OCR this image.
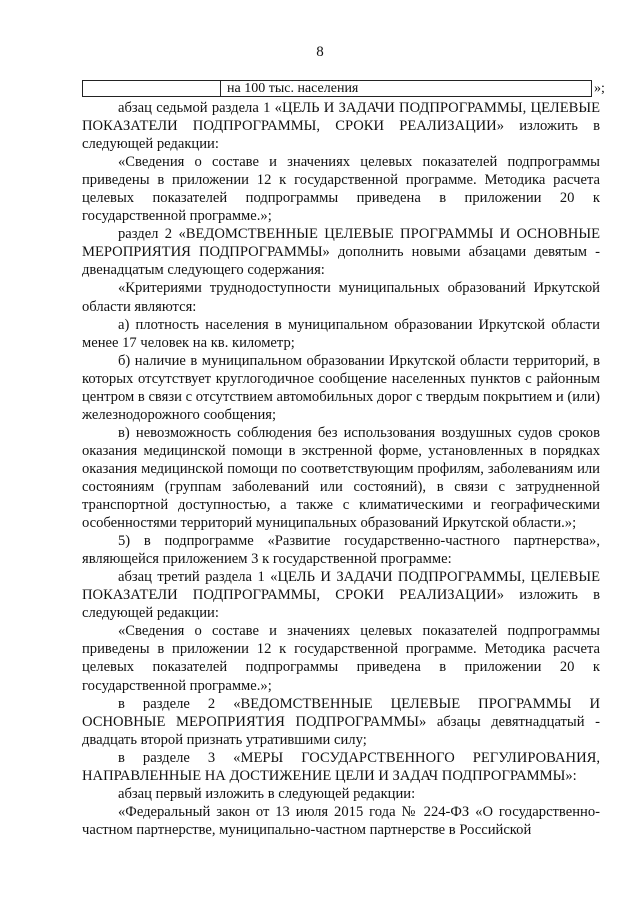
8
на 100 тыс. населения	»;

абзац седьмой раздела 1 «ЦЕЛЬ И ЗАДАЧИ ПОДПРОГРАММЫ, ЦЕЛЕВЫЕ ПОКАЗАТЕЛИ ПОДПРОГРАММЫ, СРОКИ РЕАЛИЗАЦИИ» изложить в следующей редакции:

«Сведения о составе и значениях целевых показателей подпрограммы приведены в приложении 12 к государственной программе. Методика расчета целевых показателей подпрограммы приведена в приложении 20 к государственной программе.»;

раздел 2 «ВЕДОМСТВЕННЫЕ ЦЕЛЕВЫЕ ПРОГРАММЫ И ОСНОВНЫЕ МЕРОПРИЯТИЯ ПОДПРОГРАММЫ» дополнить новыми абзацами девятым - двенадцатым следующего содержания:

«Критериями труднодоступности муниципальных образований Иркутской области являются:

а) плотность населения в муниципальном образовании Иркутской области менее 17 человек на кв. километр;

б) наличие в муниципальном образовании Иркутской области территорий, в которых отсутствует круглогодичное сообщение населенных пунктов с районным центром в связи с отсутствием автомобильных дорог с твердым покрытием и (или) железнодорожного сообщения;

в) невозможность соблюдения без использования воздушных судов сроков оказания медицинской помощи в экстренной форме, установленных в порядках оказания медицинской помощи по соответствующим профилям, заболеваниям или состояниям (группам заболеваний или состояний), в связи с затрудненной транспортной доступностью, а также с климатическими и географическими особенностями территорий муниципальных образований Иркутской области.»;

5) в подпрограмме «Развитие государственно-частного партнерства», являющейся приложением 3 к государственной программе:

абзац третий раздела 1 «ЦЕЛЬ И ЗАДАЧИ ПОДПРОГРАММЫ, ЦЕЛЕВЫЕ ПОКАЗАТЕЛИ ПОДПРОГРАММЫ, СРОКИ РЕАЛИЗАЦИИ» изложить в следующей редакции:

«Сведения о составе и значениях целевых показателей подпрограммы приведены в приложении 12 к государственной программе. Методика расчета целевых показателей подпрограммы приведена в приложении 20 к государственной программе.»;

в разделе 2 «ВЕДОМСТВЕННЫЕ ЦЕЛЕВЫЕ ПРОГРАММЫ И ОСНОВНЫЕ МЕРОПРИЯТИЯ ПОДПРОГРАММЫ» абзацы девятнадцатый - двадцать второй признать утратившими силу;

в разделе 3 «МЕРЫ ГОСУДАРСТВЕННОГО РЕГУЛИРОВАНИЯ, НАПРАВЛЕННЫЕ НА ДОСТИЖЕНИЕ ЦЕЛИ И ЗАДАЧ ПОДПРОГРАММЫ»:

абзац первый изложить в следующей редакции:

«Федеральный закон от 13 июля 2015 года № 224-ФЗ «О государственно-частном партнерстве, муниципально-частном партнерстве в Российской
